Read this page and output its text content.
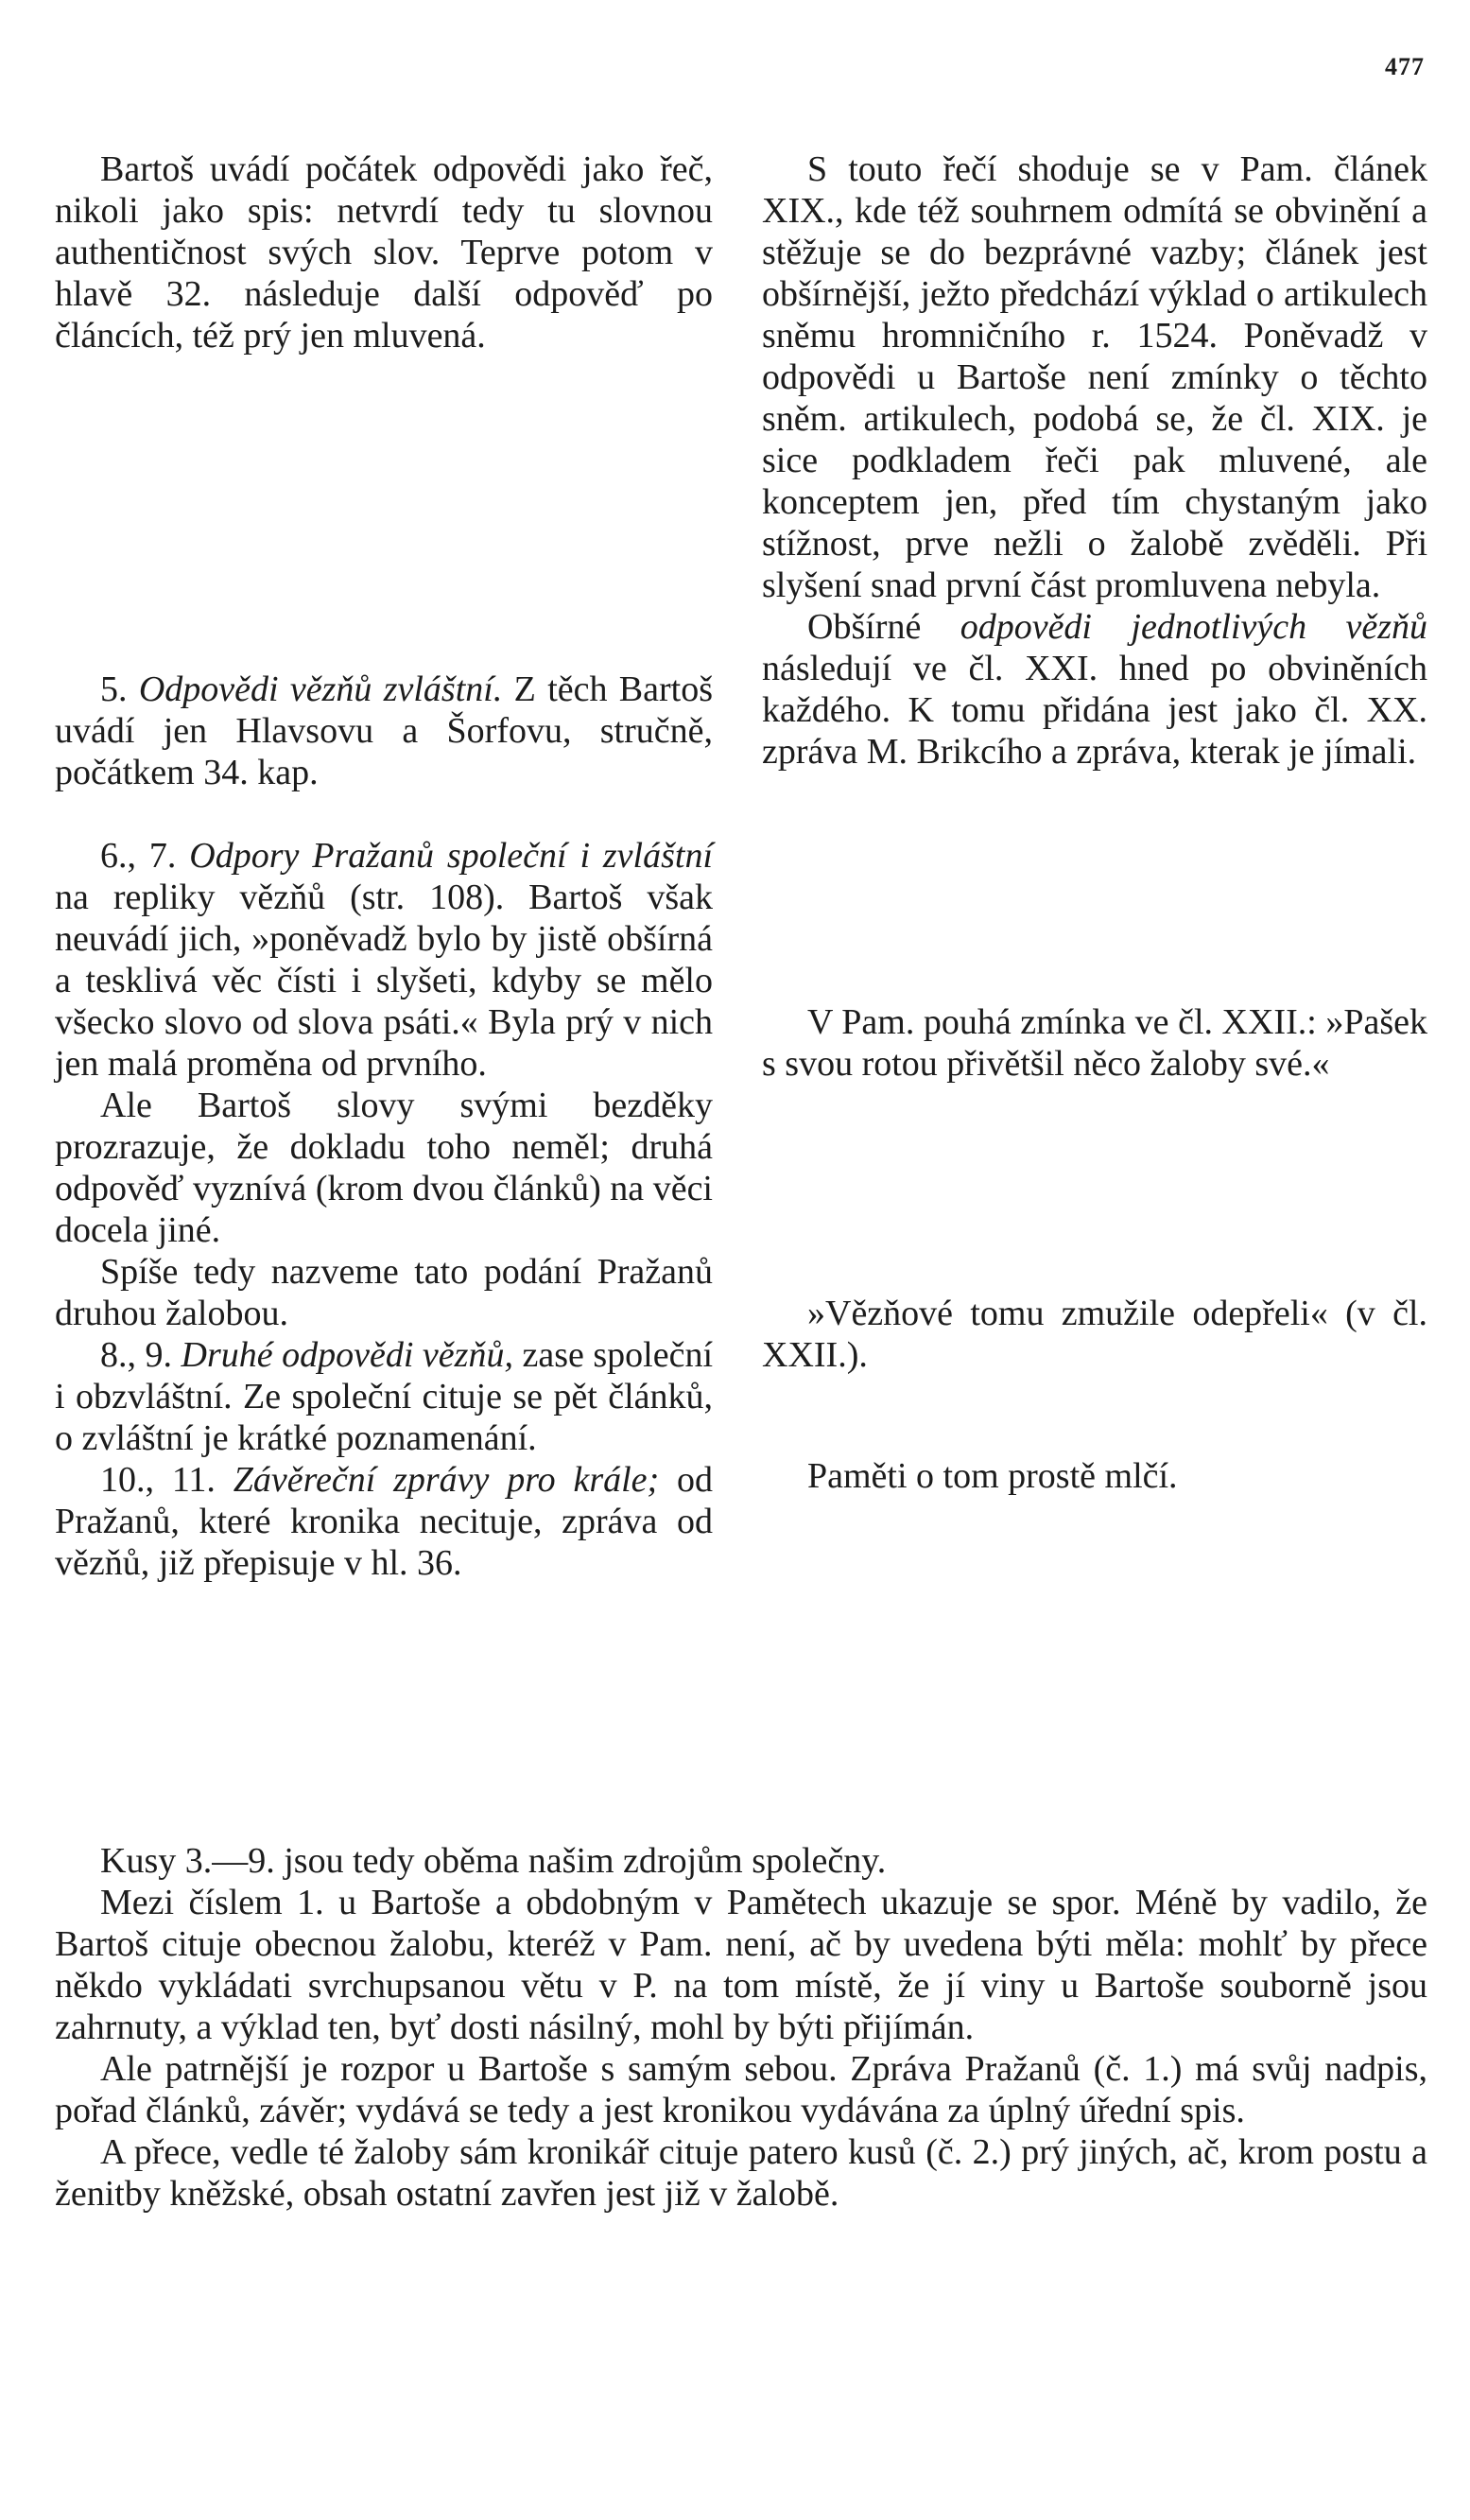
477

Bartoš uvádí počátek odpovědi jako řeč, nikoli jako spis: netvrdí tedy tu slovnou authentičnost svých slov. Teprve potom v hlavě 32. následuje další odpověď po článcích, též prý jen mluvená.

5. Odpovědi vězňů zvláštní. Z těch Bartoš uvádí jen Hlavsovu a Šorfovu, stručně, počátkem 34. kap.

6., 7. Odpory Pražanů společní i zvláštní na repliky vězňů (str. 108). Bartoš však neuvádí jich, »poněvadž bylo by jistě obšírná a tesklivá věc čísti i slyšeti, kdyby se mělo všecko slovo od slova psáti.« Byla prý v nich jen malá proměna od prvního.

Ale Bartoš slovy svými bezděky prozrazuje, že dokladu toho neměl; druhá odpověď vyznívá (krom dvou článků) na věci docela jiné.

Spíše tedy nazveme tato podání Pražanů druhou žalobou.

8., 9. Druhé odpovědi vězňů, zase společní i obzvláštní. Ze společní cituje se pět článků, o zvláštní je krátké poznamenání.

10., 11. Závěreční zprávy pro krále; od Pražanů, které kronika necituje, zpráva od vězňů, již přepisuje v hl. 36.

S touto řečí shoduje se v Pam. článek XIX., kde též souhrnem odmítá se obvinění a stěžuje se do bezprávné vazby; článek jest obšírnější, ježto předchází výklad o artikulech sněmu hromničního r. 1524. Poněvadž v odpovědi u Bartoše není zmínky o těchto sněm. artikulech, podobá se, že čl. XIX. je sice podkladem řeči pak mluvené, ale konceptem jen, před tím chystaným jako stížnost, prve nežli o žalobě zvěděli. Při slyšení snad první část promluvena nebyla.

Obšírné odpovědi jednotlivých vězňů následují ve čl. XXI. hned po obviněních každého. K tomu přidána jest jako čl. XX. zpráva M. Brikcího a zpráva, kterak je jímali.

V Pam. pouhá zmínka ve čl. XXII.: »Pašek s svou rotou přivětšil něco žaloby své.«

»Vězňové tomu zmužile odepřeli« (v čl. XXII.).

Paměti o tom prostě mlčí.

Kusy 3.—9. jsou tedy oběma našim zdrojům společny.

Mezi číslem 1. u Bartoše a obdobným v Pamětech ukazuje se spor. Méně by vadilo, že Bartoš cituje obecnou žalobu, kteréž v Pam. není, ač by uvedena býti měla: mohlť by přece někdo vykládati svrchupsanou větu v P. na tom místě, že jí viny u Bartoše souborně jsou zahrnuty, a výklad ten, byť dosti násilný, mohl by býti přijímán.

Ale patrnější je rozpor u Bartoše s samým sebou. Zpráva Pražanů (č. 1.) má svůj nadpis, pořad článků, závěr; vydává se tedy a jest kronikou vydávána za úplný úřední spis.

A přece, vedle té žaloby sám kronikář cituje patero kusů (č. 2.) prý jiných, ač, krom postu a ženitby kněžské, obsah ostatní zavřen jest již v žalobě.
